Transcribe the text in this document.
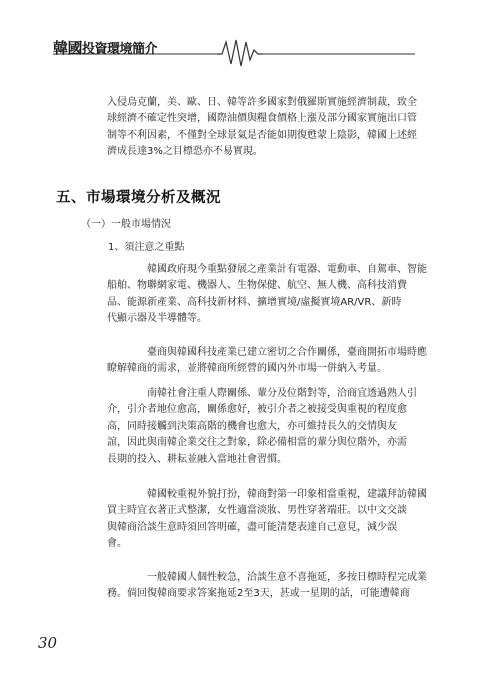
韓國投資環境簡介
入侵烏克蘭，美、歐、日、韓等許多國家對俄羅斯實施經濟制裁，致全
球經濟不確定性突增，國際油價與糧食價格上漲及部分國家實施出口管
制等不利因素，不僅對全球景氣是否能如期復甦蒙上陰影，韓國上述經
濟成長達3%之目標恐亦不易實現。
五、市場環境分析及概況
（一）一般市場情況
1、須注意之重點
韓國政府現今重點發展之產業計有電器、電動車、自駕車、智能
船舶、物聯網家電、機器人、生物保健、航空、無人機、高科技消費
品、能源新產業、高科技新材料、擴增實境/虛擬實境AR/VR、新時
代顯示器及半導體等。
臺商與韓國科技產業已建立密切之合作關係，臺商開拓市場時應
瞭解韓商的需求，並將韓商所經營的國內外市場一併納入考量。
南韓社會注重人際關係、輩分及位階對等，洽商宜透過熟人引
介，引介者地位愈高，關係愈好，被引介者之被接受與重視的程度愈
高，同時接觸到決策高階的機會也愈大，亦可維持長久的交情與友
誼，因此與南韓企業交往之對象，除必備相當的輩分與位階外，亦需
長期的投入、耕耘並融入當地社會習慣。
韓國較重視外貌打扮，韓商對第一印象相當重視，建議拜訪韓國
買主時宜衣著正式整潔，女性適當淡妝、男性穿著端莊。以中文交談
與韓商洽談生意時須回答明確，盡可能清楚表達自己意見，減少誤
會。
一般韓國人個性較急，洽談生意不喜拖延，多按日標時程完成業
務。倘回復韓商要求答案拖延2至3天，甚或一星期的話，可能遭韓商
30
